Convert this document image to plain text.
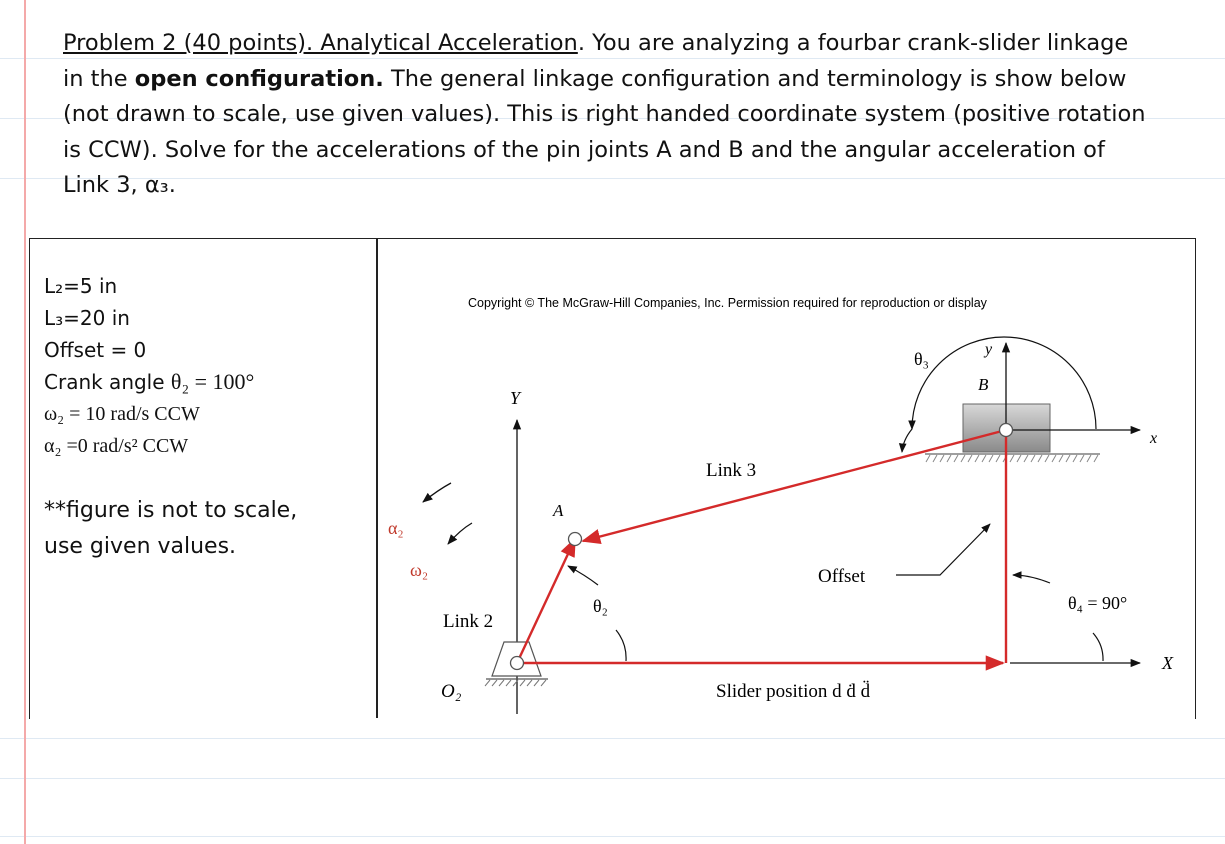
Problem 2 (40 points). Analytical Acceleration. You are analyzing a fourbar crank-slider linkage
in the open configuration. The general linkage configuration and terminology is show below
(not drawn to scale, use given values). This is right handed coordinate system (positive rotation
is CCW). Solve for the accelerations of the pin joints A and B and the angular acceleration of
Link 3, α₃.
L₂=5 in
L₃=20 in
Offset = 0
Crank angle θ₂ = 100°
ω₂ = 10 rad/s CCW
α₂ =0 rad/s² CCW
**figure is not to scale,
use given values.
Copyright © The McGraw-Hill Companies, Inc. Permission required for reproduction or display
Y
X
O₂
y
x
B
θ₃
A
Link 3
Link 2
θ₂
α₂
ω₂	Offset
θ₄ = 90°
Slider position d ḋ d̈
